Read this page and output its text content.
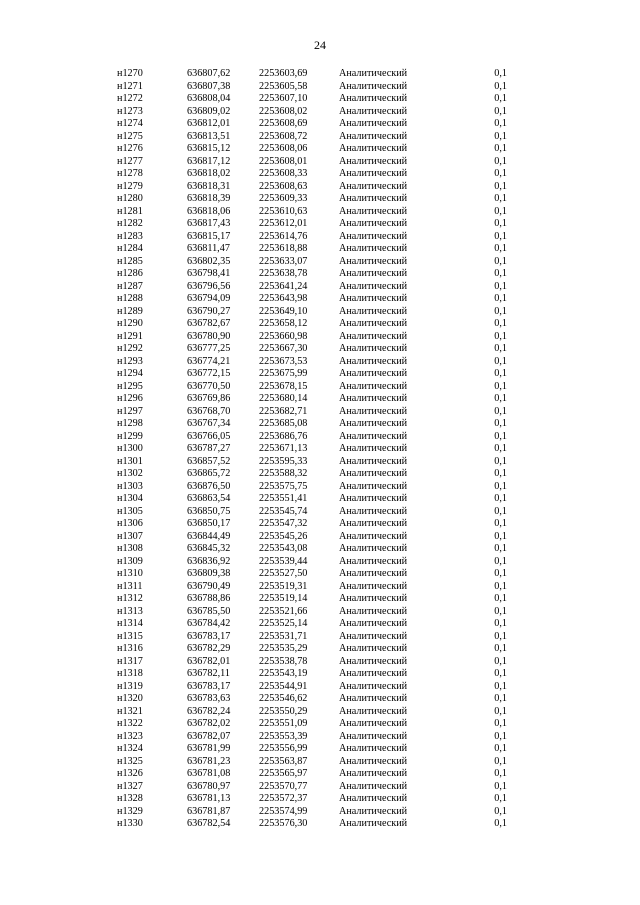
24
н1270	636807,62	2253603,69	Аналитический	0,1
н1271	636807,38	2253605,58	Аналитический	0,1
н1272	636808,04	2253607,10	Аналитический	0,1
н1273	636809,02	2253608,02	Аналитический	0,1
н1274	636812,01	2253608,69	Аналитический	0,1
н1275	636813,51	2253608,72	Аналитический	0,1
н1276	636815,12	2253608,06	Аналитический	0,1
н1277	636817,12	2253608,01	Аналитический	0,1
н1278	636818,02	2253608,33	Аналитический	0,1
н1279	636818,31	2253608,63	Аналитический	0,1
н1280	636818,39	2253609,33	Аналитический	0,1
н1281	636818,06	2253610,63	Аналитический	0,1
н1282	636817,43	2253612,01	Аналитический	0,1
н1283	636815,17	2253614,76	Аналитический	0,1
н1284	636811,47	2253618,88	Аналитический	0,1
н1285	636802,35	2253633,07	Аналитический	0,1
н1286	636798,41	2253638,78	Аналитический	0,1
н1287	636796,56	2253641,24	Аналитический	0,1
н1288	636794,09	2253643,98	Аналитический	0,1
н1289	636790,27	2253649,10	Аналитический	0,1
н1290	636782,67	2253658,12	Аналитический	0,1
н1291	636780,90	2253660,98	Аналитический	0,1
н1292	636777,25	2253667,30	Аналитический	0,1
н1293	636774,21	2253673,53	Аналитический	0,1
н1294	636772,15	2253675,99	Аналитический	0,1
н1295	636770,50	2253678,15	Аналитический	0,1
н1296	636769,86	2253680,14	Аналитический	0,1
н1297	636768,70	2253682,71	Аналитический	0,1
н1298	636767,34	2253685,08	Аналитический	0,1
н1299	636766,05	2253686,76	Аналитический	0,1
н1300	636787,27	2253671,13	Аналитический	0,1
н1301	636857,52	2253595,33	Аналитический	0,1
н1302	636865,72	2253588,32	Аналитический	0,1
н1303	636876,50	2253575,75	Аналитический	0,1
н1304	636863,54	2253551,41	Аналитический	0,1
н1305	636850,75	2253545,74	Аналитический	0,1
н1306	636850,17	2253547,32	Аналитический	0,1
н1307	636844,49	2253545,26	Аналитический	0,1
н1308	636845,32	2253543,08	Аналитический	0,1
н1309	636836,92	2253539,44	Аналитический	0,1
н1310	636809,38	2253527,50	Аналитический	0,1
н1311	636790,49	2253519,31	Аналитический	0,1
н1312	636788,86	2253519,14	Аналитический	0,1
н1313	636785,50	2253521,66	Аналитический	0,1
н1314	636784,42	2253525,14	Аналитический	0,1
н1315	636783,17	2253531,71	Аналитический	0,1
н1316	636782,29	2253535,29	Аналитический	0,1
н1317	636782,01	2253538,78	Аналитический	0,1
н1318	636782,11	2253543,19	Аналитический	0,1
н1319	636783,17	2253544,91	Аналитический	0,1
н1320	636783,63	2253546,62	Аналитический	0,1
н1321	636782,24	2253550,29	Аналитический	0,1
н1322	636782,02	2253551,09	Аналитический	0,1
н1323	636782,07	2253553,39	Аналитический	0,1
н1324	636781,99	2253556,99	Аналитический	0,1
н1325	636781,23	2253563,87	Аналитический	0,1
н1326	636781,08	2253565,97	Аналитический	0,1
н1327	636780,97	2253570,77	Аналитический	0,1
н1328	636781,13	2253572,37	Аналитический	0,1
н1329	636781,87	2253574,99	Аналитический	0,1
н1330	636782,54	2253576,30	Аналитический	0,1
